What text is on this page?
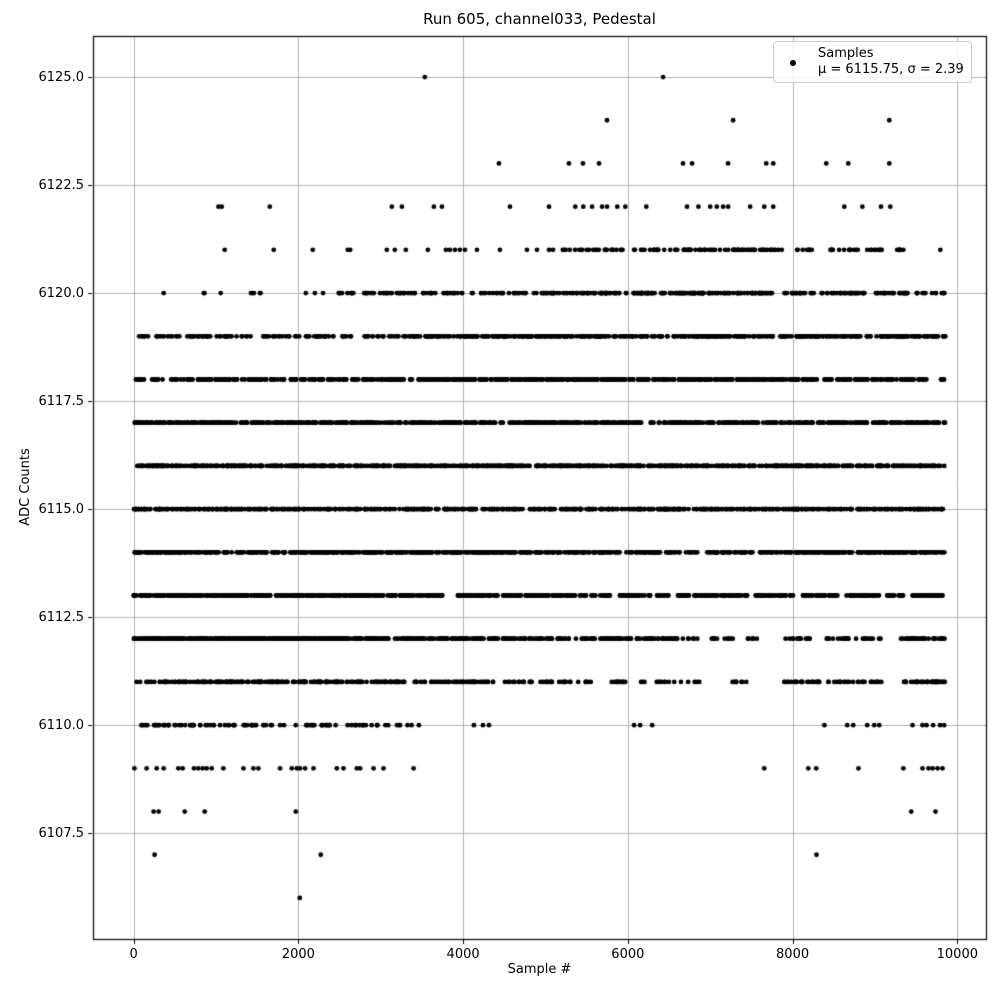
Run 605, channel033, Pedestal
Sample #
ADC Counts
0	2000	4000	6000	8000	10000
6107.5
6110.0
6112.5
6115.0
6117.5
6120.0
6122.5
6125.0
Samples
μ = 6115.75, σ = 2.39
